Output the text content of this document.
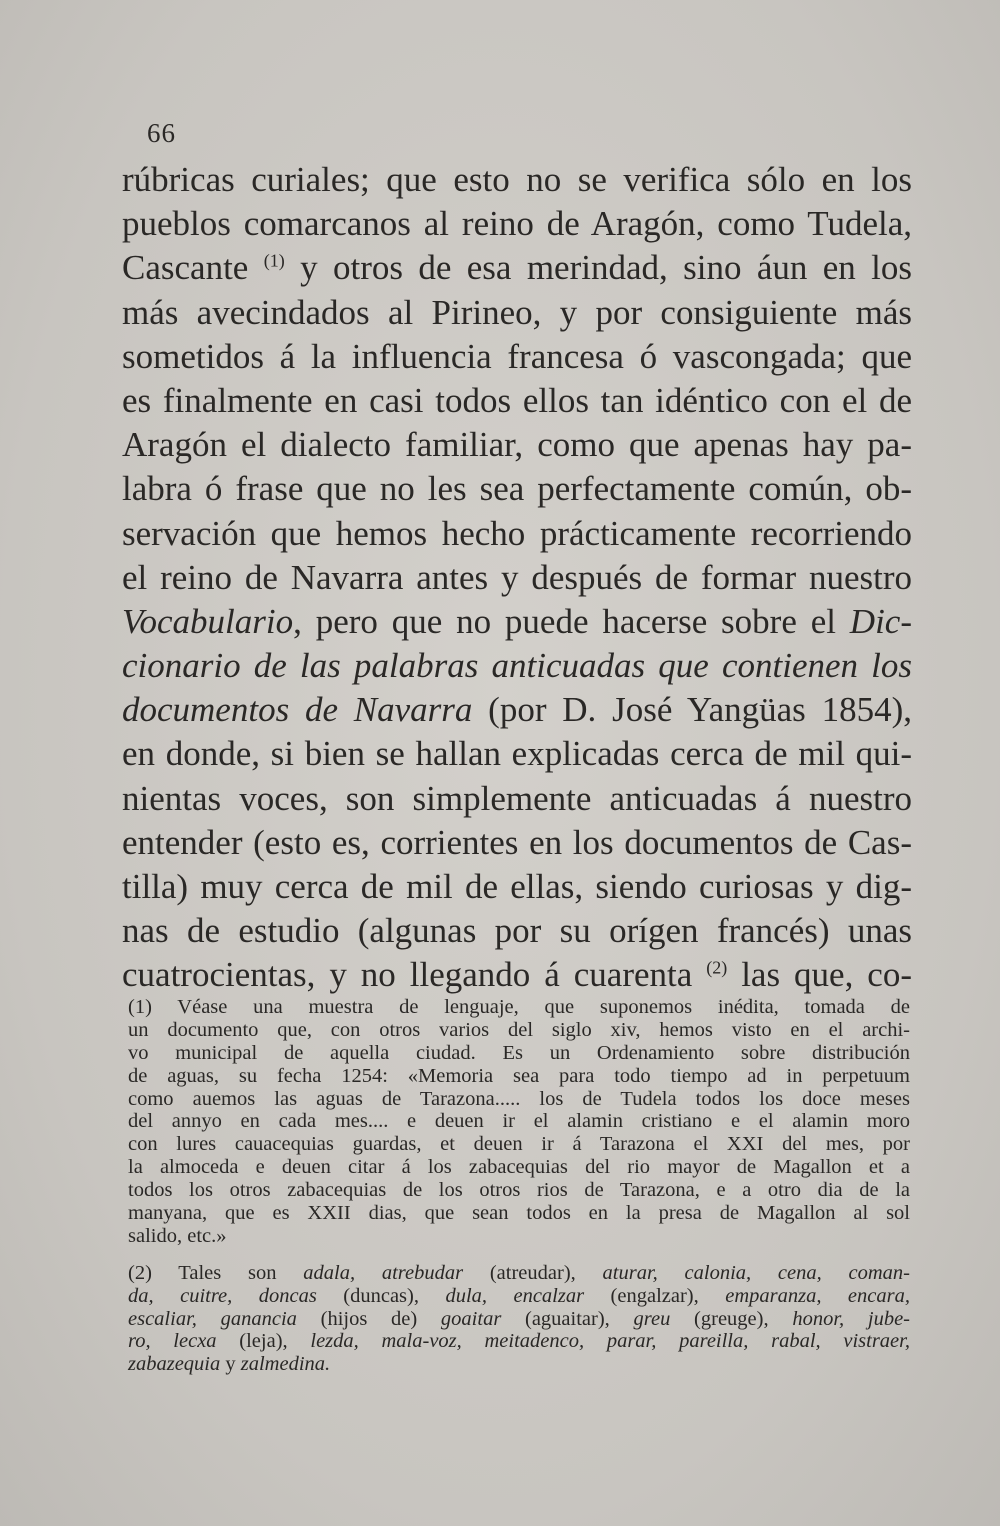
66
rúbricas curiales; que esto no se verifica sólo en los
pueblos comarcanos al reino de Aragón, como Tudela,
Cascante $^{(1)}$ y otros de esa merindad, sino áun en los
más avecindados al Pirineo, y por consiguiente más
sometidos á la influencia francesa ó vascongada; que
es finalmente en casi todos ellos tan idéntico con el de
Aragón el dialecto familiar, como que apenas hay pa-
labra ó frase que no les sea perfectamente común, ob-
servación que hemos hecho prácticamente recorriendo
el reino de Navarra antes y después de formar nuestro
Vocabulario, pero que no puede hacerse sobre el Dic-
cionario de las palabras anticuadas que contienen los
documentos de Navarra (por D. José Yangüas 1854),
en donde, si bien se hallan explicadas cerca de mil qui-
nientas voces, son simplemente anticuadas á nuestro
entender (esto es, corrientes en los documentos de Cas-
tilla) muy cerca de mil de ellas, siendo curiosas y dig-
nas de estudio (algunas por su orígen francés) unas
cuatrocientas, y no llegando á cuarenta $^{(2)}$ las que, co-
(1) Véase una muestra de lenguaje, que suponemos inédita, tomada de
un documento que, con otros varios del siglo xiv, hemos visto en el archi-
vo municipal de aquella ciudad. Es un Ordenamiento sobre distribución
de aguas, su fecha 1254: «Memoria sea para todo tiempo ad in perpetuum
como auemos las aguas de Tarazona..... los de Tudela todos los doce meses
del annyo en cada mes.... e deuen ir el alamin cristiano e el alamin moro
con lures cauacequias guardas, et deuen ir á Tarazona el XXI del mes, por
la almoceda e deuen citar á los zabacequias del rio mayor de Magallon et a
todos los otros zabacequias de los otros rios de Tarazona, e a otro dia de la
manyana, que es XXII dias, que sean todos en la presa de Magallon al sol
salido, etc.»
(2) Tales son adala, atrebudar (atreudar), aturar, calonia, cena, coman-
da, cuitre, doncas (duncas), dula, encalzar (engalzar), emparanza, encara,
escaliar, ganancia (hijos de) goaitar (aguaitar), greu (greuge), honor, jube-
ro, lecxa (leja), lezda, mala-voz, meitadenco, parar, pareilla, rabal, vistraer,
zabazequia y zalmedina.
